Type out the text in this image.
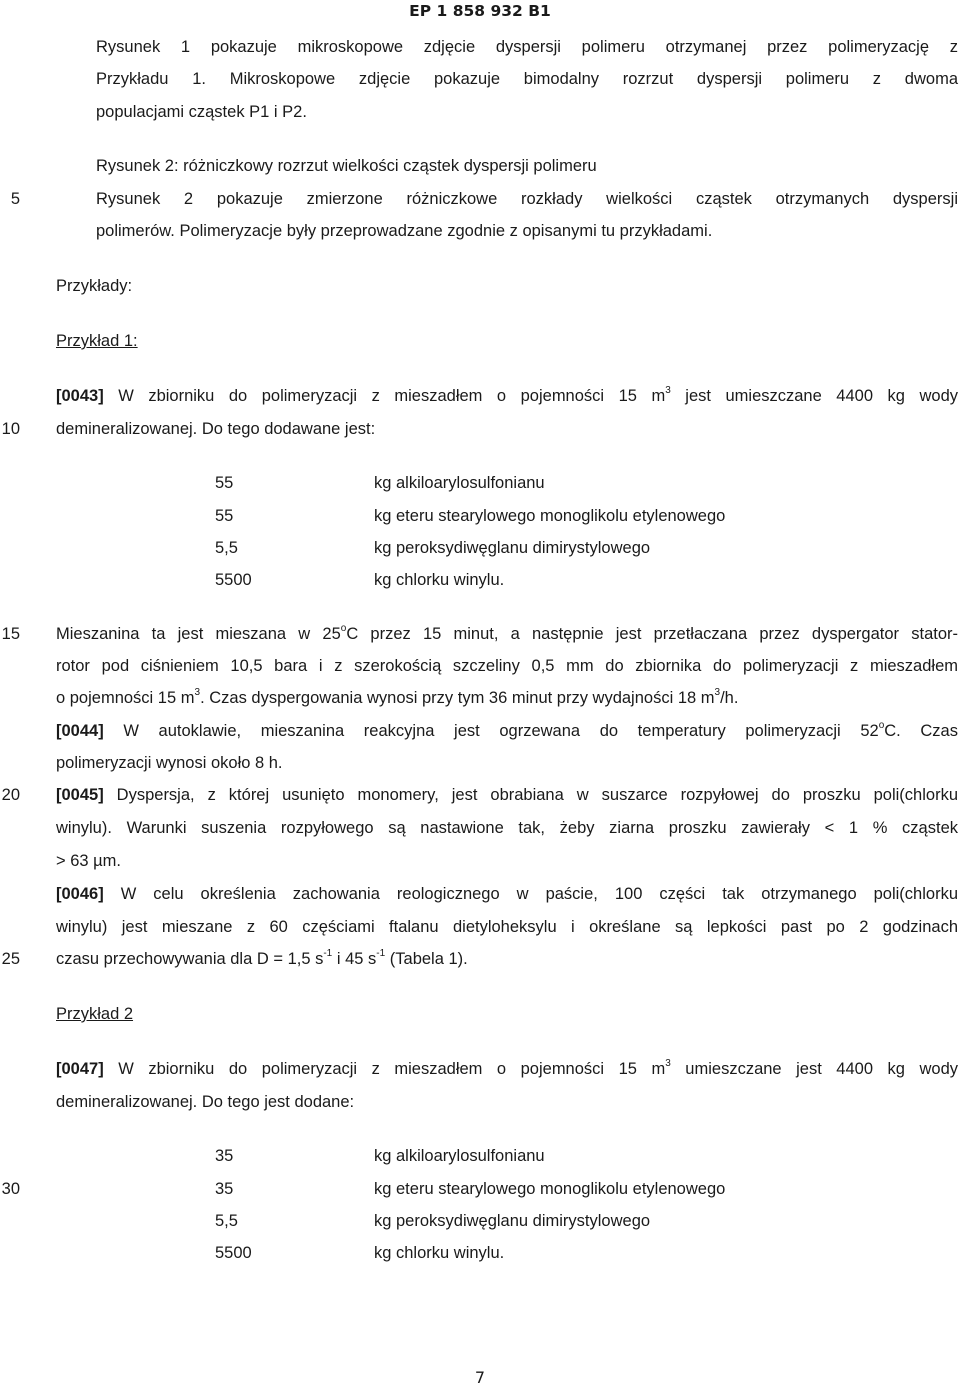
EP 1 858 932 B1
5
10
15
20
25
30
Rysunek 1 pokazuje mikroskopowe zdjęcie dyspersji polimeru otrzymanej przez polimeryzację z
Przykładu 1. Mikroskopowe zdjęcie pokazuje bimodalny rozrzut dyspersji polimeru z dwoma
populacjami cząstek P1 i P2.
Rysunek 2: różniczkowy rozrzut wielkości cząstek dyspersji polimeru
Rysunek 2 pokazuje zmierzone różniczkowe rozkłady wielkości cząstek otrzymanych dyspersji
polimerów. Polimeryzacje były przeprowadzane zgodnie z opisanymi tu przykładami.
Przykłady:
Przykład 1:
[0043] W zbiorniku do polimeryzacji z mieszadłem o pojemności 15 $m^3$ jest umieszczane 4400 kg wody
demineralizowanej. Do tego dodawane jest:
55	kg alkiloarylosulfonianu
55	kg eteru stearylowego monoglikolu etylenowego
5,5	kg peroksydiwęglanu dimirystylowego
5500	kg chlorku winylu.
Mieszanina ta jest mieszana w 25$^o$C przez 15 minut, a następnie jest przetłaczana przez dyspergator stator-
rotor pod ciśnieniem 10,5 bara i z szerokością szczeliny 0,5 mm do zbiornika do polimeryzacji z mieszadłem
o pojemności 15 $m^3$. Czas dyspergowania wynosi przy tym 36 minut przy wydajności 18 $m^3/h$.
[0044] W autoklawie, mieszanina reakcyjna jest ogrzewana do temperatury polimeryzacji 52$^o$C. Czas
polimeryzacji wynosi około 8 h.
[0045] Dyspersja, z której usunięto monomery, jest obrabiana w suszarce rozpyłowej do proszku poli(chlorku
winylu). Warunki suszenia rozpyłowego są nastawione tak, żeby ziarna proszku zawierały < 1 % cząstek
> 63 µm.
[0046] W celu określenia zachowania reologicznego w paście, 100 części tak otrzymanego poli(chlorku
winylu) jest mieszane z 60 częściami ftalanu dietyloheksylu i określane są lepkości past po 2 godzinach
czasu przechowywania dla D = 1,5 $s^{-1}$ i 45 $s^{-1}$ (Tabela 1).
Przykład 2
[0047] W zbiorniku do polimeryzacji z mieszadłem o pojemności 15 $m^3$ umieszczane jest 4400 kg wody
demineralizowanej. Do tego jest dodane:
35	kg alkiloarylosulfonianu
35	kg eteru stearylowego monoglikolu etylenowego
5,5	kg peroksydiwęglanu dimirystylowego
5500	kg chlorku winylu.
7
